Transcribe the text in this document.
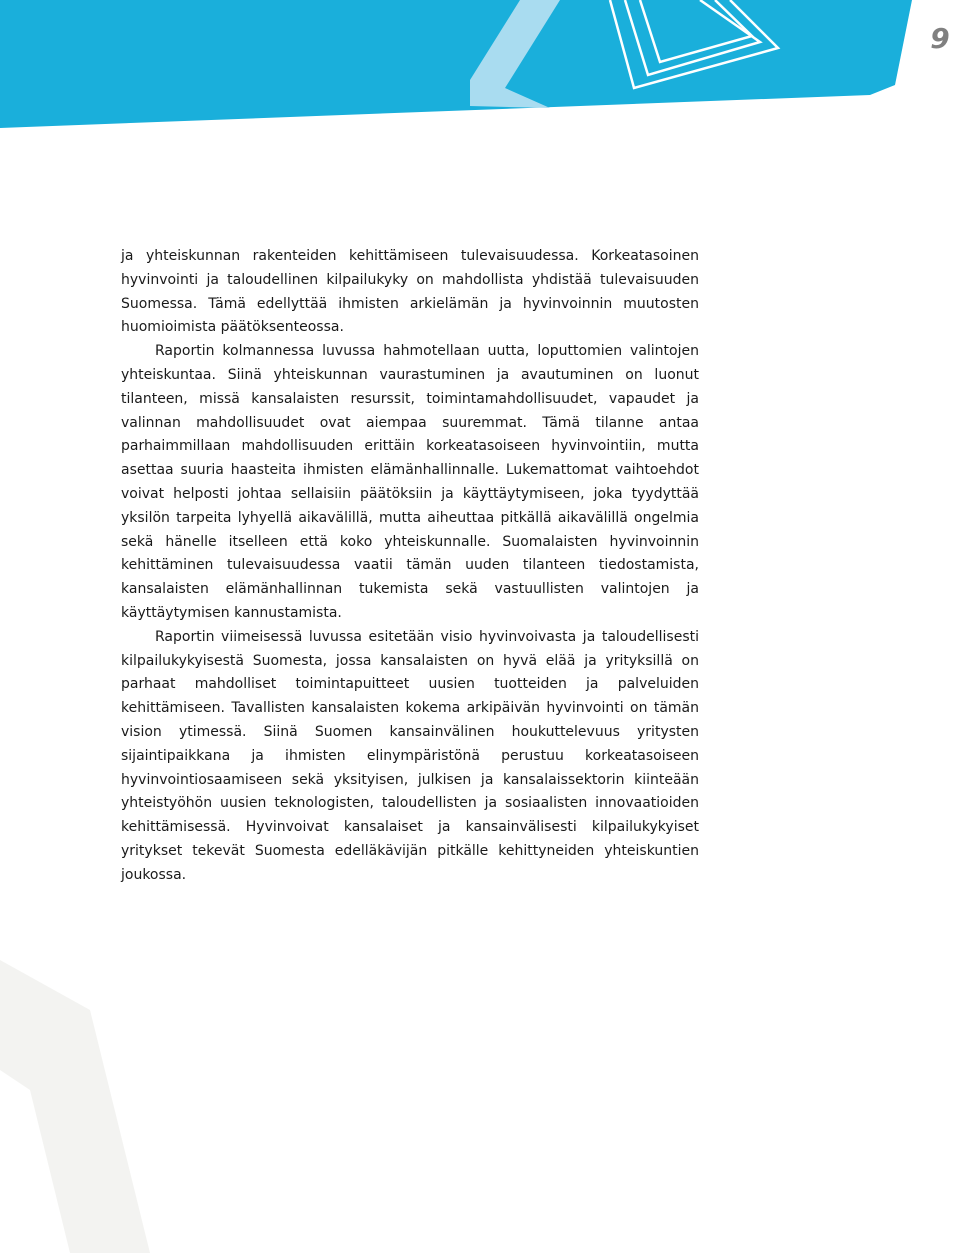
9

ja yhteiskunnan rakenteiden kehittämiseen tulevaisuudessa. Korkeatasoinen hyvinvointi ja taloudellinen kilpailukyky on mahdollista yhdistää tulevaisuuden Suomessa. Tämä edellyttää ihmisten arkielämän ja hyvinvoinnin muutosten huomioimista päätöksenteossa.

Raportin kolmannessa luvussa hahmotellaan uutta, loputtomien valintojen yhteiskuntaa. Siinä yhteiskunnan vaurastuminen ja avautuminen on luonut tilanteen, missä kansalaisten resurssit, toimintamahdollisuudet, vapaudet ja valinnan mahdollisuudet ovat aiempaa suuremmat. Tämä tilanne antaa parhaimmillaan mahdollisuuden erittäin korkeatasoiseen hyvinvointiin, mutta asettaa suuria haasteita ihmisten elämänhallinnalle. Lukemattomat vaihtoehdot voivat helposti johtaa sellaisiin päätöksiin ja käyttäytymiseen, joka tyydyttää yksilön tarpeita lyhyellä aikavälillä, mutta aiheuttaa pitkällä aikavälillä ongelmia sekä hänelle itselleen että koko yhteiskunnalle. Suomalaisten hyvinvoinnin kehittäminen tulevaisuudessa vaatii tämän uuden tilanteen tiedostamista, kansalaisten elämänhallinnan tukemista sekä vastuullisten valintojen ja käyttäytymisen kannustamista.

Raportin viimeisessä luvussa esitetään visio hyvinvoivasta ja taloudellisesti kilpailukykyisestä Suomesta, jossa kansalaisten on hyvä elää ja yrityksillä on parhaat mahdolliset toimintapuitteet uusien tuotteiden ja palveluiden kehittämiseen. Tavallisten kansalaisten kokema arkipäivän hyvinvointi on tämän vision ytimessä. Siinä Suomen kansainvälinen houkuttelevuus yritysten sijaintipaikkana ja ihmisten elinympäristönä perustuu korkeatasoiseen hyvinvointiosaamiseen sekä yksityisen, julkisen ja kansalaissektorin kiinteään yhteistyöhön uusien teknologisten, taloudellisten ja sosiaalisten innovaatioiden kehittämisessä. Hyvinvoivat kansalaiset ja kansainvälisesti kilpailukykyiset yritykset tekevät Suomesta edelläkävijän pitkälle kehittyneiden yhteiskuntien joukossa.
